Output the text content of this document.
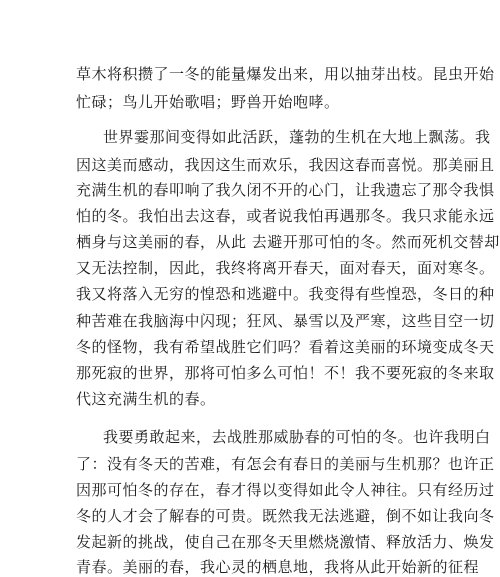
草木将积攒了一冬的能量爆发出来，用以抽芽出枝。昆虫开始
忙碌；鸟儿开始歌唱；野兽开始咆哮。
世界霎那间变得如此活跃，蓬勃的生机在大地上飘荡。我
因这美而感动，我因这生而欢乐，我因这春而喜悦。那美丽且
充满生机的春叩响了我久闭不开的心门，让我遗忘了那令我惧
怕的冬。我怕出去这春，或者说我怕再遇那冬。我只求能永远
栖身与这美丽的春，从此 去避开那可怕的冬。然而死机交替却
又无法控制，因此，我终将离开春天，面对春天，面对寒冬。
我又将落入无穷的惶恐和逃避中。我变得有些惶恐，冬日的种
种苦难在我脑海中闪现；狂风、暴雪以及严寒，这些目空一切
冬的怪物，我有希望战胜它们吗？看着这美丽的环境变成冬天
那死寂的世界，那将可怕多么可怕！不！我不要死寂的冬来取
代这充满生机的春。
我要勇敢起来，去战胜那威胁春的可怕的冬。也许我明白
了：没有冬天的苦难，有怎会有春日的美丽与生机那？也许正
因那可怕冬的存在，春才得以变得如此令人神往。只有经历过
冬的人才会了解春的可贵。既然我无法逃避，倒不如让我向冬
发起新的挑战，使自己在那冬天里燃烧激情、释放活力、焕发
青春。美丽的春，我心灵的栖息地，我将从此开始新的征程
